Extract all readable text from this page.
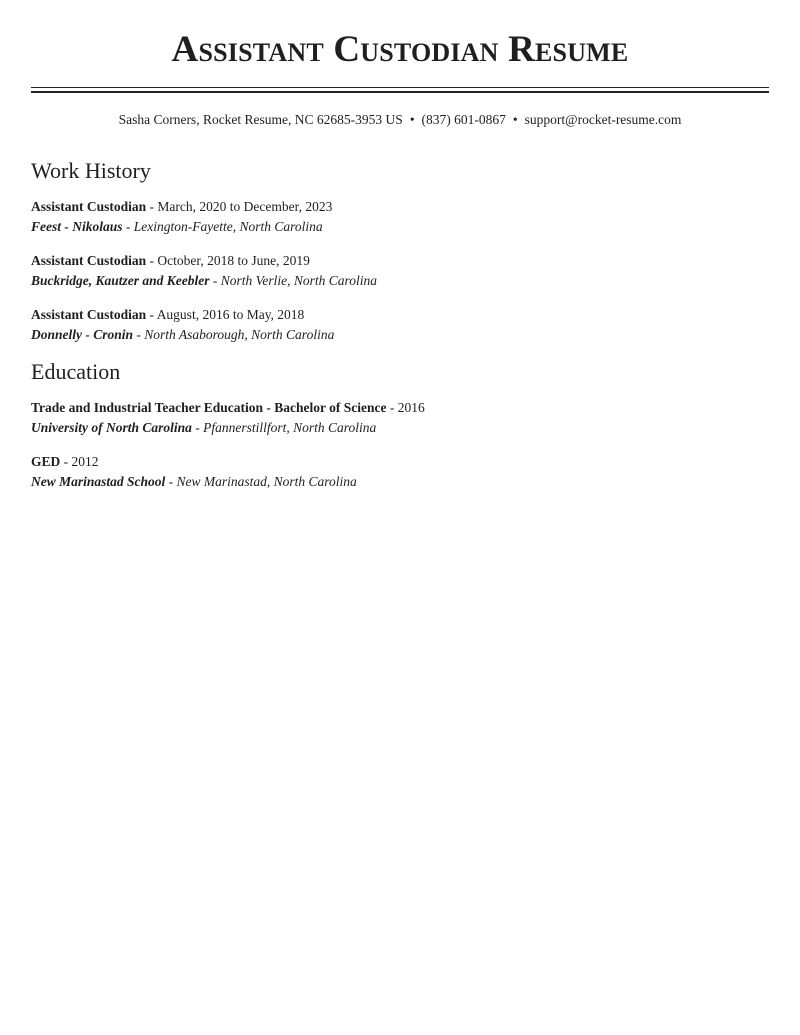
Assistant Custodian Resume
Sasha Corners, Rocket Resume, NC 62685-3953 US • (837) 601-0867 • support@rocket-resume.com
Work History
Assistant Custodian - March, 2020 to December, 2023
Feest - Nikolaus - Lexington-Fayette, North Carolina
Assistant Custodian - October, 2018 to June, 2019
Buckridge, Kautzer and Keebler - North Verlie, North Carolina
Assistant Custodian - August, 2016 to May, 2018
Donnelly - Cronin - North Asaborough, North Carolina
Education
Trade and Industrial Teacher Education - Bachelor of Science - 2016
University of North Carolina - Pfannerstillfort, North Carolina
GED - 2012
New Marinastad School - New Marinastad, North Carolina
